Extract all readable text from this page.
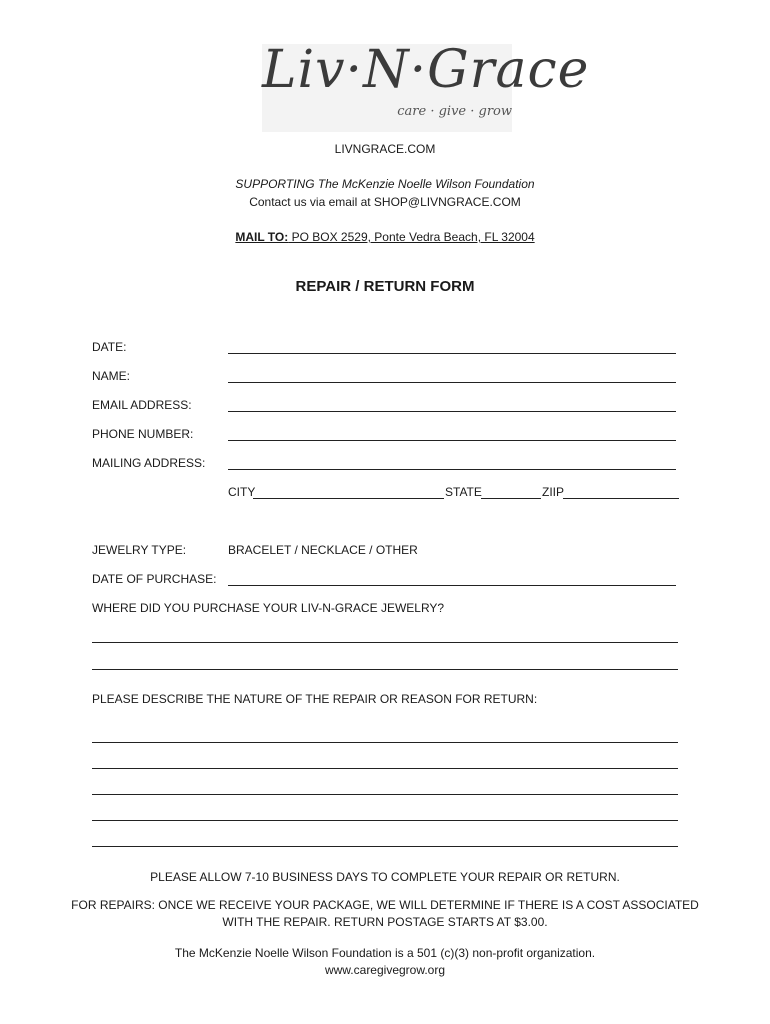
Liv·N·Grace
care · give · grow
LIVNGRACE.COM
SUPPORTING The McKenzie Noelle Wilson Foundation
Contact us via email at SHOP@LIVNGRACE.COM
MAIL TO: PO BOX 2529, Ponte Vedra Beach, FL 32004
REPAIR / RETURN FORM
DATE:
NAME:
EMAIL ADDRESS:
PHONE NUMBER:
MAILING ADDRESS:
CITY	STATE	ZIIP
JEWELRY TYPE:	BRACELET / NECKLACE / OTHER
DATE OF PURCHASE:
WHERE DID YOU PURCHASE YOUR LIV-N-GRACE JEWELRY?
PLEASE DESCRIBE THE NATURE OF THE REPAIR OR REASON FOR RETURN:
PLEASE ALLOW 7-10 BUSINESS DAYS TO COMPLETE YOUR REPAIR OR RETURN.
FOR REPAIRS: ONCE WE RECEIVE YOUR PACKAGE, WE WILL DETERMINE IF THERE IS A COST ASSOCIATED
WITH THE REPAIR. RETURN POSTAGE STARTS AT $3.00.
The McKenzie Noelle Wilson Foundation is a 501 (c)(3) non-profit organization.
www.caregivegrow.org
